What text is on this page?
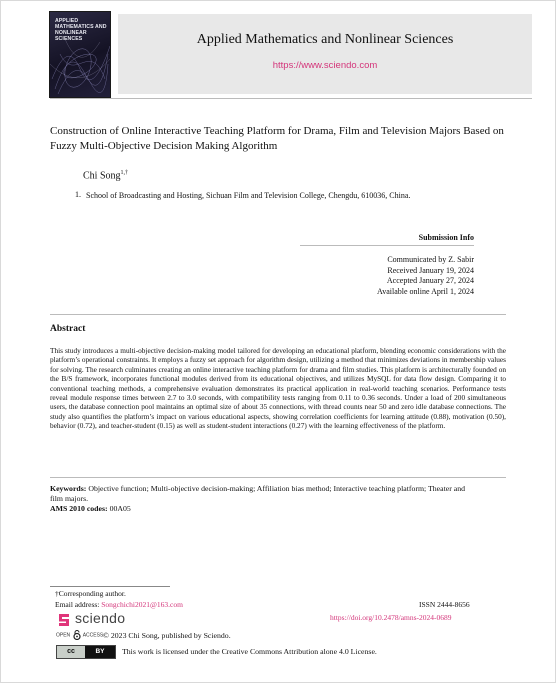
APPLIED MATHEMATICS AND NONLINEAR SCIENCES	Applied Mathematics and Nonlinear Sciences
https://www.sciendo.com
Construction of Online Interactive Teaching Platform for Drama, Film and Television Majors Based on Fuzzy Multi-Objective Decision Making Algorithm
Chi Song$^{1,\dagger}$
1. School of Broadcasting and Hosting, Sichuan Film and Television College, Chengdu, 610036, China.
Submission Info
Communicated by Z. Sabir
Received January 19, 2024
Accepted January 27, 2024
Available online April 1, 2024
Abstract
This study introduces a multi-objective decision-making model tailored for developing an educational platform, blending economic considerations with the platform’s operational constraints. It employs a fuzzy set approach for algorithm design, utilizing a method that minimizes deviations in membership values for solving. The research culminates creating an online interactive teaching platform for drama and film studies. This platform is architecturally founded on the B/S framework, incorporates functional modules derived from its educational objectives, and utilizes MySQL for data flow design. Comparing it to conventional teaching methods, a comprehensive evaluation demonstrates its practical application in real-world teaching scenarios. Performance tests reveal module response times between 2.7 to 3.0 seconds, with compatibility tests ranging from 0.11 to 0.36 seconds. Under a load of 200 simultaneous users, the database connection pool maintains an optimal size of about 35 connections, with thread counts near 50 and zero idle database connections. The study also quantifies the platform’s impact on various educational aspects, showing correlation coefficients for learning attitude (0.88), motivation (0.50), behavior (0.72), and teacher-student (0.15) as well as student-student interactions (0.27) with the learning effectiveness of the platform.
Keywords: Objective function; Multi-objective decision-making; Affiliation bias method; Interactive teaching platform; Theater and film majors.
AMS 2010 codes: 00A05
†Corresponding author.
Email address: Songchichi2021@163.com	ISSN 2444-8656
https://doi.org/10.2478/amns-2024-0689
sciendo
OPEN	ACCESS © 2023 Chi Song, published by Sciendo.
cc	BY	This work is licensed under the Creative Commons Attribution alone 4.0 License.
